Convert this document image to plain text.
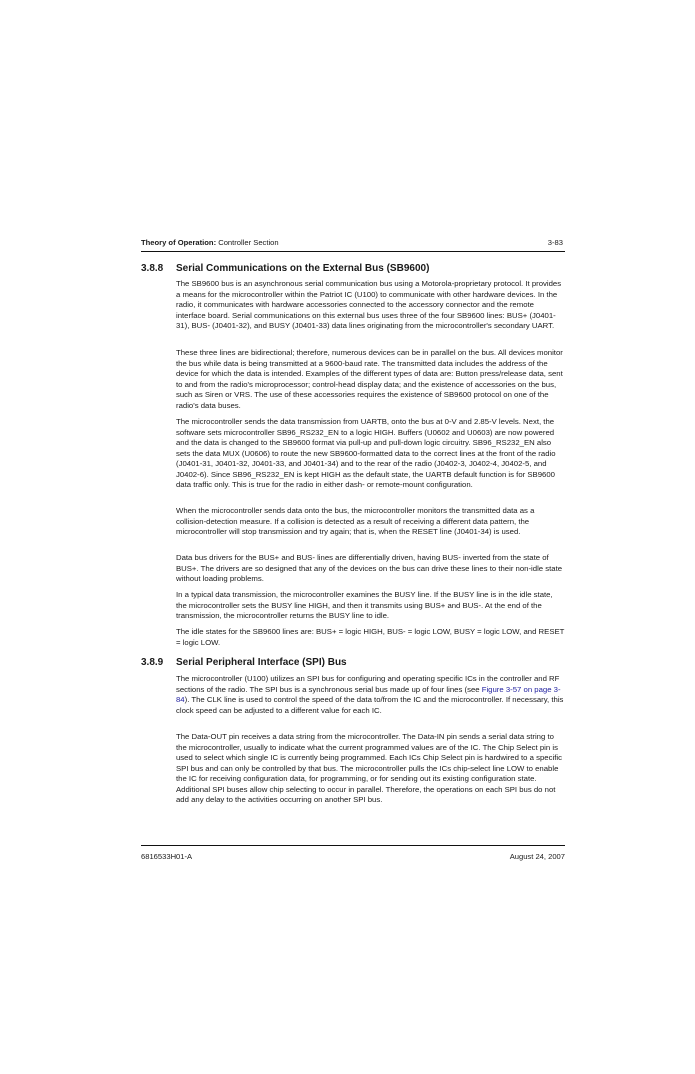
Theory of Operation: Controller Section	3-83
3.8.8 Serial Communications on the External Bus (SB9600)

The SB9600 bus is an asynchronous serial communication bus using a Motorola-proprietary protocol. It provides a means for the microcontroller within the Patriot IC (U100) to communicate with other hardware devices. In the radio, it communicates with hardware accessories connected to the accessory connector and the remote interface board. Serial communications on this external bus uses three of the four SB9600 lines: BUS+ (J0401-31), BUS- (J0401-32), and BUSY (J0401-33) data lines originating from the microcontroller's secondary UART.

These three lines are bidirectional; therefore, numerous devices can be in parallel on the bus. All devices monitor the bus while data is being transmitted at a 9600-baud rate. The transmitted data includes the address of the device for which the data is intended. Examples of the different types of data are: Button press/release data, sent to and from the radio's microprocessor; control-head display data; and the existence of accessories on the bus, such as Siren or VRS. The use of these accessories requires the existence of SB9600 protocol on one of the radio's data buses.

The microcontroller sends the data transmission from UARTB, onto the bus at 0-V and 2.85-V levels. Next, the software sets microcontroller SB96_RS232_EN to a logic HIGH. Buffers (U0602 and U0603) are now powered and the data is changed to the SB9600 format via pull-up and pull-down logic circuitry. SB96_RS232_EN also sets the data MUX (U0606) to route the new SB9600-formatted data to the correct lines at the front of the radio (J0401-31, J0401-32, J0401-33, and J0401-34) and to the rear of the radio (J0402-3, J0402-4, J0402-5, and J0402-6). Since SB96_RS232_EN is kept HIGH as the default state, the UARTB default function is for SB9600 data traffic only. This is true for the radio in either dash- or remote-mount configuration.

When the microcontroller sends data onto the bus, the microcontroller monitors the transmitted data as a collision-detection measure. If a collision is detected as a result of receiving a different data pattern, the microcontroller will stop transmission and try again; that is, when the RESET line (J0401-34) is used.

Data bus drivers for the BUS+ and BUS- lines are differentially driven, having BUS- inverted from the state of BUS+. The drivers are so designed that any of the devices on the bus can drive these lines to their non-idle state without loading problems.

In a typical data transmission, the microcontroller examines the BUSY line. If the BUSY line is in the idle state, the microcontroller sets the BUSY line HIGH, and then it transmits using BUS+ and BUS-. At the end of the transmission, the microcontroller returns the BUSY line to idle.

The idle states for the SB9600 lines are: BUS+ = logic HIGH, BUS- = logic LOW, BUSY = logic LOW, and RESET = logic LOW.

3.8.9 Serial Peripheral Interface (SPI) Bus

The microcontroller (U100) utilizes an SPI bus for configuring and operating specific ICs in the controller and RF sections of the radio. The SPI bus is a synchronous serial bus made up of four lines (see Figure 3-57 on page 3-84). The CLK line is used to control the speed of the data to/from the IC and the microcontroller. If necessary, this clock speed can be adjusted to a different value for each IC.

The Data-OUT pin receives a data string from the microcontroller. The Data-IN pin sends a serial data string to the microcontroller, usually to indicate what the current programmed values are of the IC. The Chip Select pin is used to select which single IC is currently being programmed. Each ICs Chip Select pin is hardwired to a specific SPI bus and can only be controlled by that bus. The microcontroller pulls the ICs chip-select line LOW to enable the IC for receiving configuration data, for programming, or for sending out its existing configuration state. Additional SPI buses allow chip selecting to occur in parallel. Therefore, the operations on each SPI bus do not add any delay to the activities occurring on another SPI bus.

6816533H01-A	August 24, 2007
